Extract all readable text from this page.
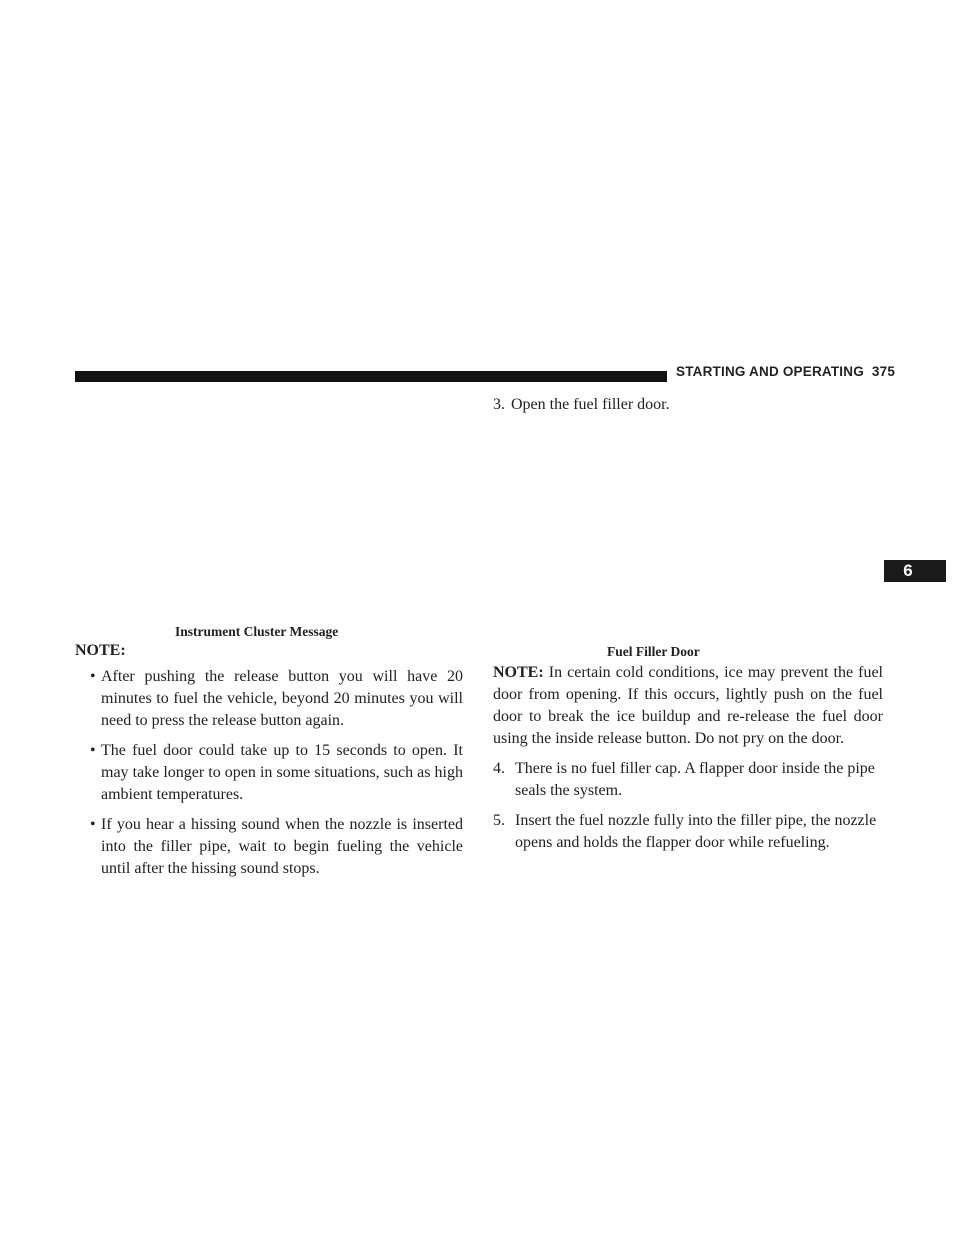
STARTING AND OPERATING 375
6
Instrument Cluster Message

NOTE:

• After pushing the release button you will have 20 minutes to fuel the vehicle, beyond 20 minutes you will need to press the release button again.
• The fuel door could take up to 15 seconds to open. It may take longer to open in some situations, such as high ambient temperatures.
• If you hear a hissing sound when the nozzle is inserted into the filler pipe, wait to begin fueling the vehicle until after the hissing sound stops.
3. Open the fuel filler door.
Fuel Filler Door

NOTE: In certain cold conditions, ice may prevent the fuel door from opening. If this occurs, lightly push on the fuel door to break the ice buildup and re-release the fuel door using the inside release button. Do not pry on the door.

4. There is no fuel filler cap. A flapper door inside the pipe seals the system.
5. Insert the fuel nozzle fully into the filler pipe, the nozzle opens and holds the flapper door while refueling.
